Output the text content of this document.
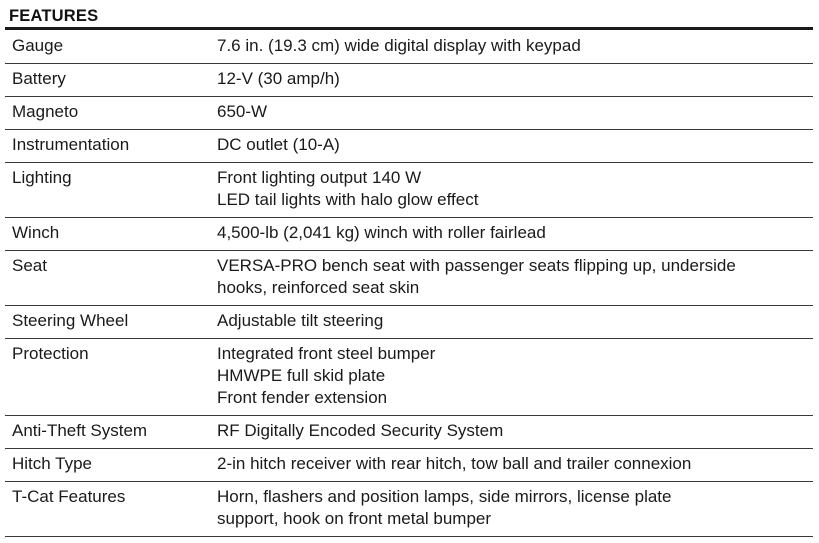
FEATURES
Gauge	7.6 in. (19.3 cm) wide digital display with keypad
Battery	12-V (30 amp/h)
Magneto	650-W
Instrumentation	DC outlet (10-A)
Lighting	Front lighting output 140 W
LED tail lights with halo glow effect
Winch	4,500-lb (2,041 kg) winch with roller fairlead
Seat	VERSA-PRO bench seat with passenger seats flipping up, underside
hooks, reinforced seat skin
Steering Wheel	Adjustable tilt steering
Protection	Integrated front steel bumper
HMWPE full skid plate
Front fender extension
Anti-Theft System	RF Digitally Encoded Security System
Hitch Type	2-in hitch receiver with rear hitch, tow ball and trailer connexion
T-Cat Features	Horn, flashers and position lamps, side mirrors, license plate
support, hook on front metal bumper
